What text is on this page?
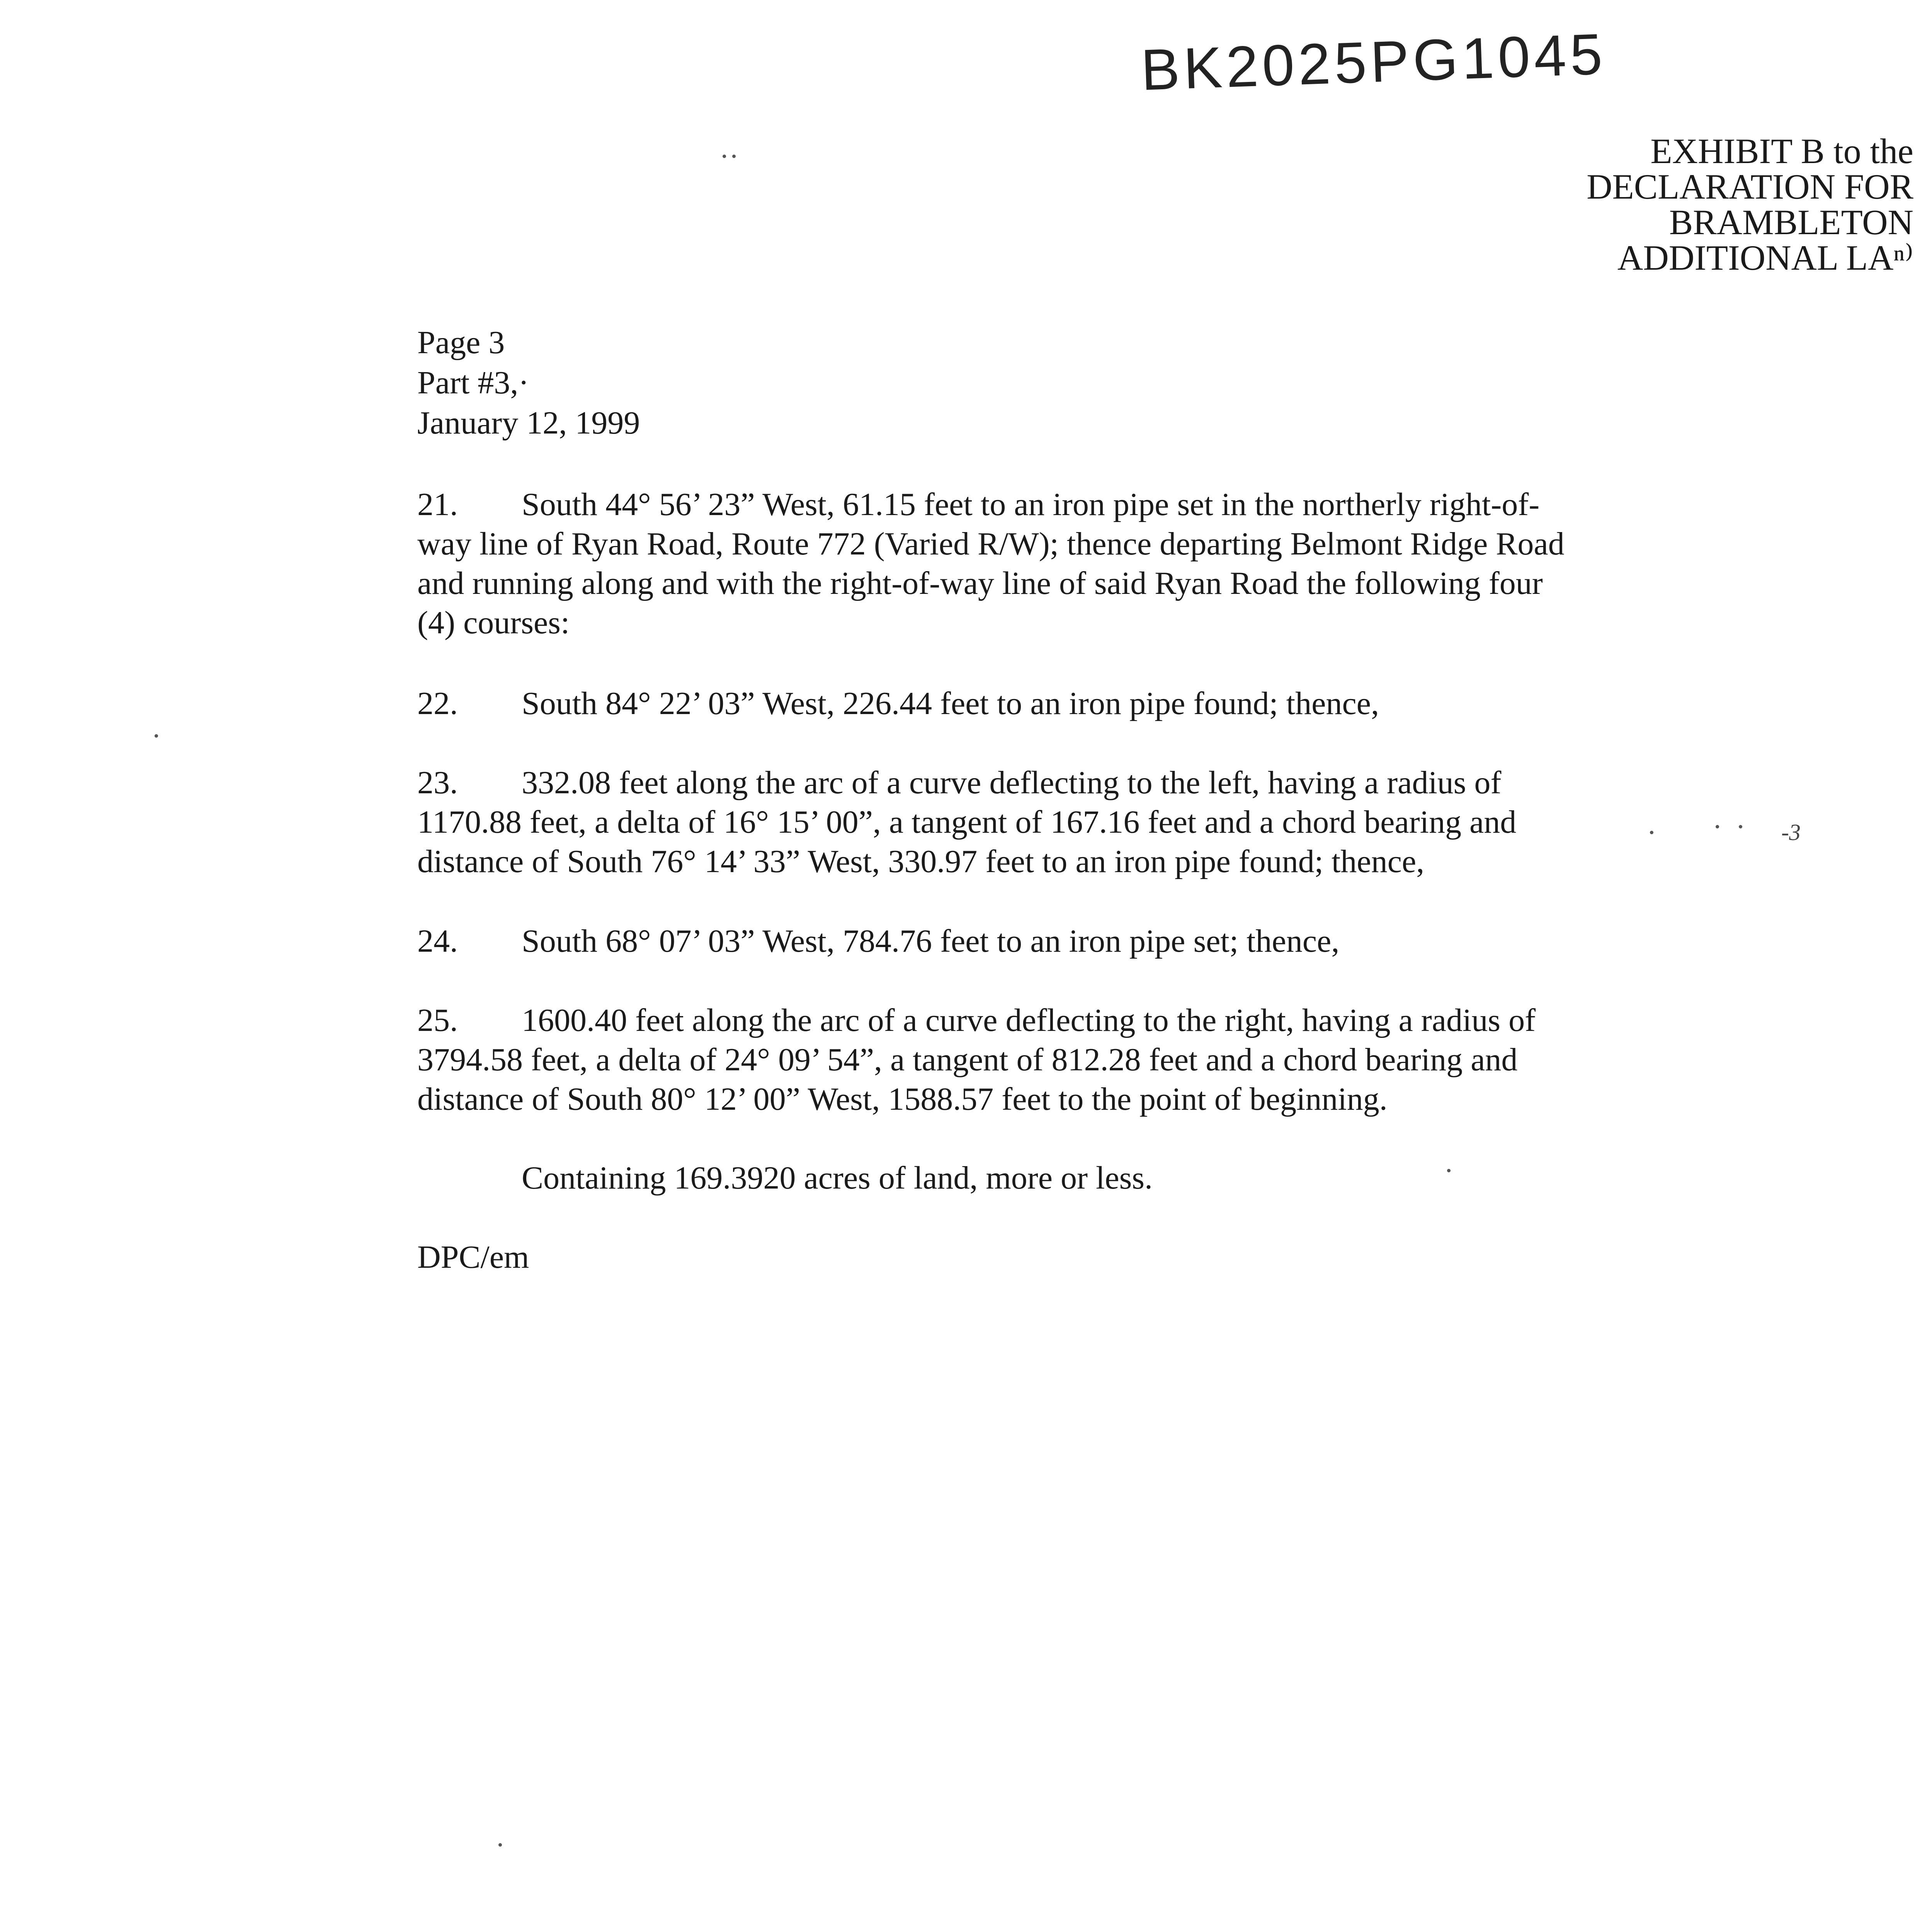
BK2025PG1045
EXHIBIT B to the
DECLARATION FOR
BRAMBLETON
ADDITIONAL LAⁿ⁾
Page 3
Part #3,·
January 12, 1999
21. South 44° 56’ 23” West, 61.15 feet to an iron pipe set in the northerly right-of-
way line of Ryan Road, Route 772 (Varied R/W); thence departing Belmont Ridge Road
and running along and with the right-of-way line of said Ryan Road the following four
(4) courses:
22. South 84° 22’ 03” West, 226.44 feet to an iron pipe found; thence,
23. 332.08 feet along the arc of a curve deflecting to the left, having a radius of
1170.88 feet, a delta of 16° 15’ 00”, a tangent of 167.16 feet and a chord bearing and
distance of South 76° 14’ 33” West, 330.97 feet to an iron pipe found; thence,
24. South 68° 07’ 03” West, 784.76 feet to an iron pipe set; thence,
25. 1600.40 feet along the arc of a curve deflecting to the right, having a radius of
3794.58 feet, a delta of 24° 09’ 54”, a tangent of 812.28 feet and a chord bearing and
distance of South 80° 12’ 00” West, 1588.57 feet to the point of beginning.
Containing 169.3920 acres of land, more or less.
DPC/em
-3
